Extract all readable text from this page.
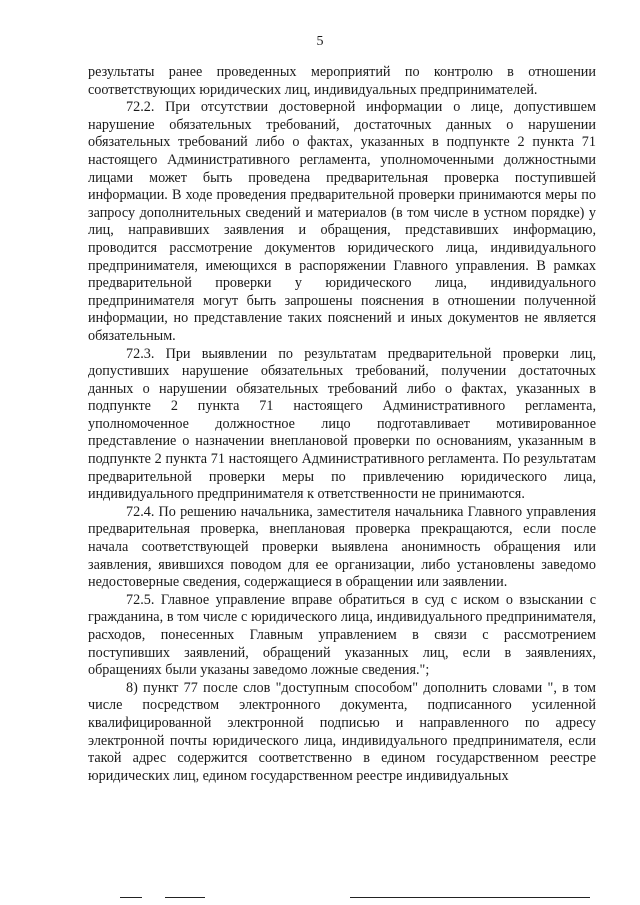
5

результаты ранее проведенных мероприятий по контролю в отношении соответствующих юридических лиц, индивидуальных предпринимателей.

72.2. При отсутствии достоверной информации о лице, допустившем нарушение обязательных требований, достаточных данных о нарушении обязательных требований либо о фактах, указанных в подпункте 2 пункта 71 настоящего Административного регламента, уполномоченными должностными лицами может быть проведена предварительная проверка поступившей информации. В ходе проведения предварительной проверки принимаются меры по запросу дополнительных сведений и материалов (в том числе в устном порядке) у лиц, направивших заявления и обращения, представивших информацию, проводится рассмотрение документов юридического лица, индивидуального предпринимателя, имеющихся в распоряжении Главного управления. В рамках предварительной проверки у юридического лица, индивидуального предпринимателя могут быть запрошены пояснения в отношении полученной информации, но представление таких пояснений и иных документов не является обязательным.

72.3. При выявлении по результатам предварительной проверки лиц, допустивших нарушение обязательных требований, получении достаточных данных о нарушении обязательных требований либо о фактах, указанных в подпункте 2 пункта 71 настоящего Административного регламента, уполномоченное должностное лицо подготавливает мотивированное представление о назначении внеплановой проверки по основаниям, указанным в подпункте 2 пункта 71 настоящего Административного регламента. По результатам предварительной проверки меры по привлечению юридического лица, индивидуального предпринимателя к ответственности не принимаются.

72.4. По решению начальника, заместителя начальника Главного управления предварительная проверка, внеплановая проверка прекращаются, если после начала соответствующей проверки выявлена анонимность обращения или заявления, явившихся поводом для ее организации, либо установлены заведомо недостоверные сведения, содержащиеся в обращении или заявлении.

72.5. Главное управление вправе обратиться в суд с иском о взыскании с гражданина, в том числе с юридического лица, индивидуального предпринимателя, расходов, понесенных Главным управлением в связи с рассмотрением поступивших заявлений, обращений указанных лиц, если в заявлениях, обращениях были указаны заведомо ложные сведения.";

8) пункт 77 после слов "доступным способом" дополнить словами ", в том числе посредством электронного документа, подписанного усиленной квалифицированной электронной подписью и направленного по адресу электронной почты юридического лица, индивидуального предпринимателя, если такой адрес содержится соответственно в едином государственном реестре юридических лиц, едином государственном реестре индивидуальных
